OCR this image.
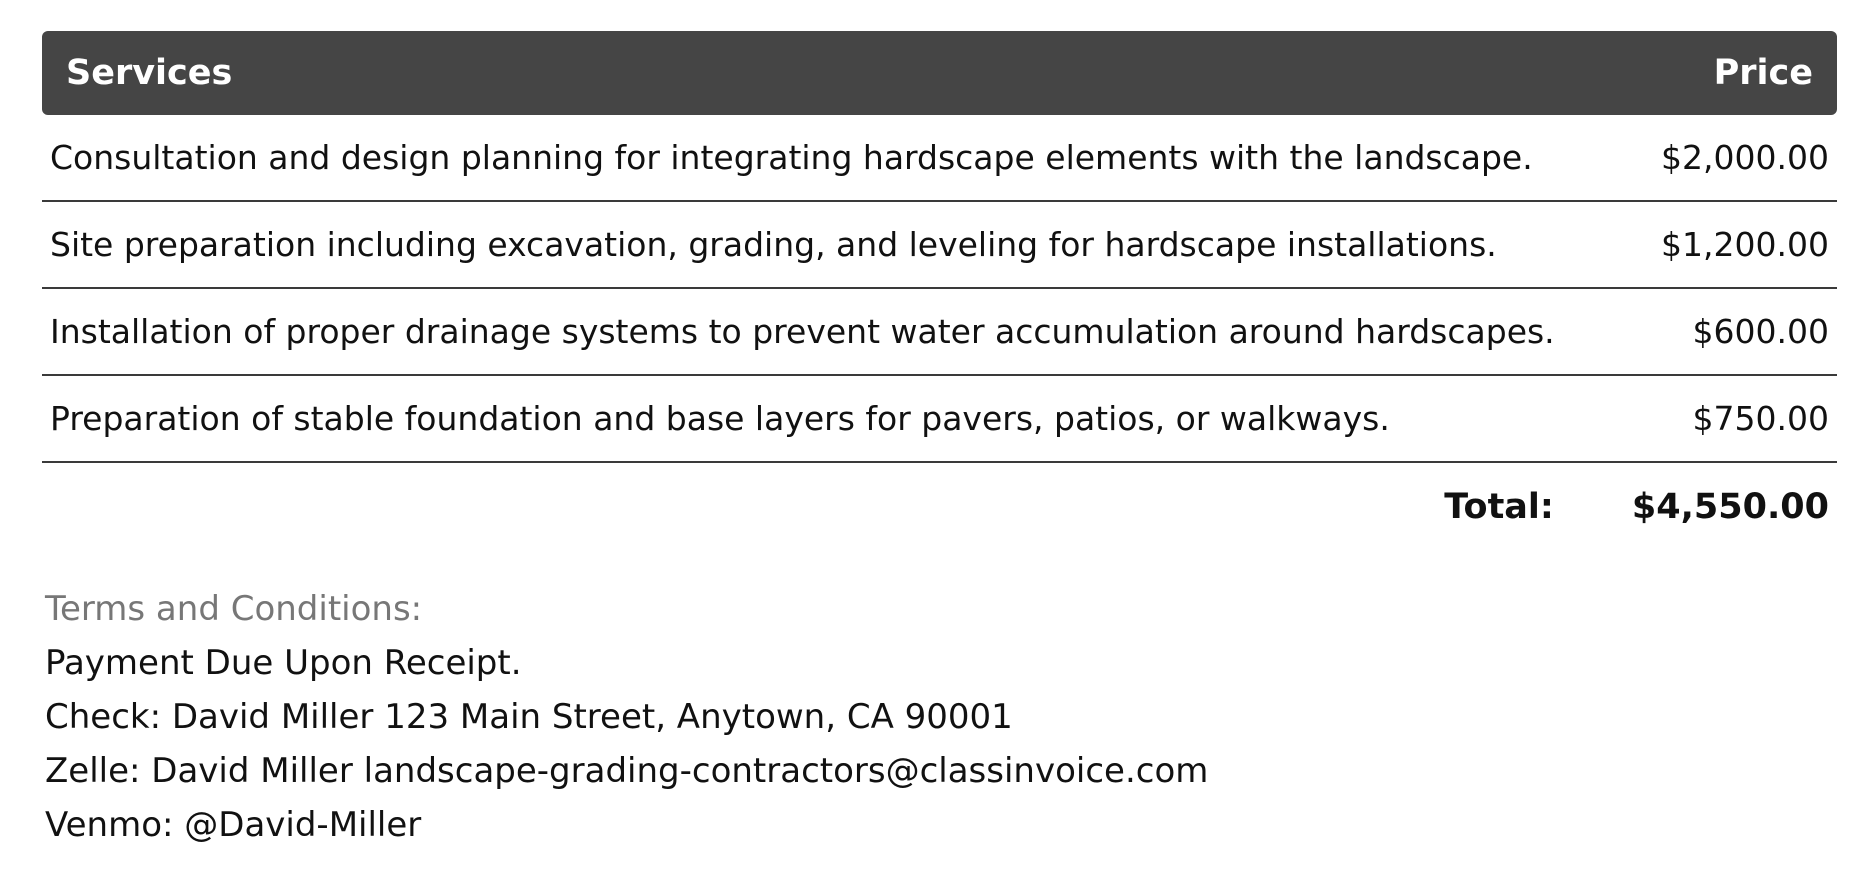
Services	Price
Consultation and design planning for integrating hardscape elements with the landscape.	$2,000.00
Site preparation including excavation, grading, and leveling for hardscape installations.	$1,200.00
Installation of proper drainage systems to prevent water accumulation around hardscapes.	$600.00
Preparation of stable foundation and base layers for pavers, patios, or walkways.	$750.00
Total: $4,550.00
Terms and Conditions:
Payment Due Upon Receipt.
Check: David Miller 123 Main Street, Anytown, CA 90001
Zelle: David Miller landscape-grading-contractors@classinvoice.com
Venmo: @David-Miller
